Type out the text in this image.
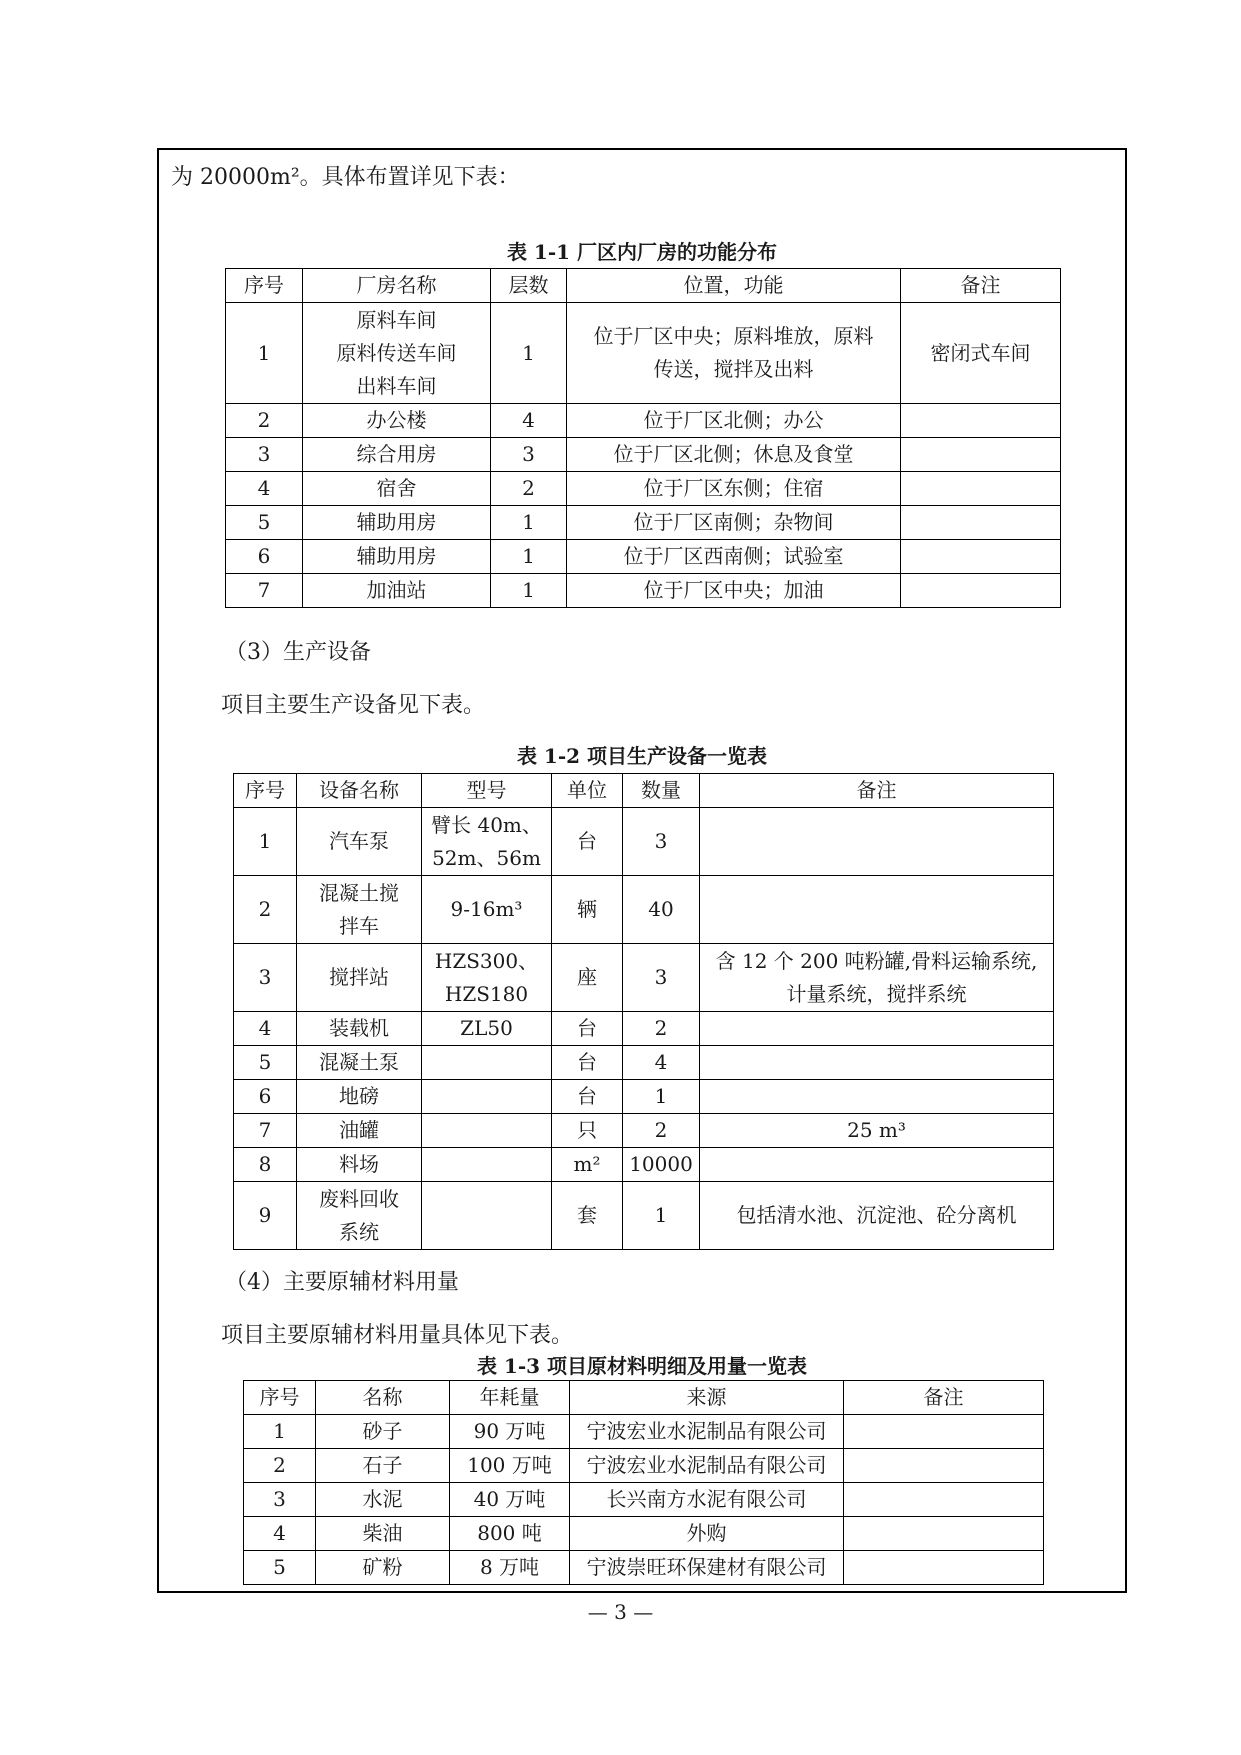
为 20000m²。具体布置详见下表：
表 1-1 厂区内厂房的功能分布
序号	厂房名称	层数	位置，功能	备注
1	原料车间
原料传送车间
出料车间	1	位于厂区中央；原料堆放，原料
传送，搅拌及出料	密闭式车间
2	办公楼	4	位于厂区北侧；办公	
3	综合用房	3	位于厂区北侧；休息及食堂	
4	宿舍	2	位于厂区东侧；住宿	
5	辅助用房	1	位于厂区南侧；杂物间	
6	辅助用房	1	位于厂区西南侧；试验室	
7	加油站	1	位于厂区中央；加油	
（3）生产设备
项目主要生产设备见下表。
表 1-2 项目生产设备一览表
序号	设备名称	型号	单位	数量	备注
1	汽车泵	臂长 40m、
52m、56m	台	3	
2	混凝土搅
拌车	9-16m³	辆	40	
3	搅拌站	HZS300、
HZS180	座	3	含 12 个 200 吨粉罐,骨料运输系统,
计量系统，搅拌系统
4	装载机	ZL50	台	2	
5	混凝土泵		台	4	
6	地磅		台	1	
7	油罐		只	2	25 m³
8	料场		m²	10000	
9	废料回收
系统		套	1	包括清水池、沉淀池、砼分离机
（4）主要原辅材料用量
项目主要原辅材料用量具体见下表。
表 1-3 项目原材料明细及用量一览表
序号	名称	年耗量	来源	备注
1	砂子	90 万吨	宁波宏业水泥制品有限公司	
2	石子	100 万吨	宁波宏业水泥制品有限公司	
3	水泥	40 万吨	长兴南方水泥有限公司	
4	柴油	800 吨	外购	
5	矿粉	8 万吨	宁波崇旺环保建材有限公司	
— 3 —
